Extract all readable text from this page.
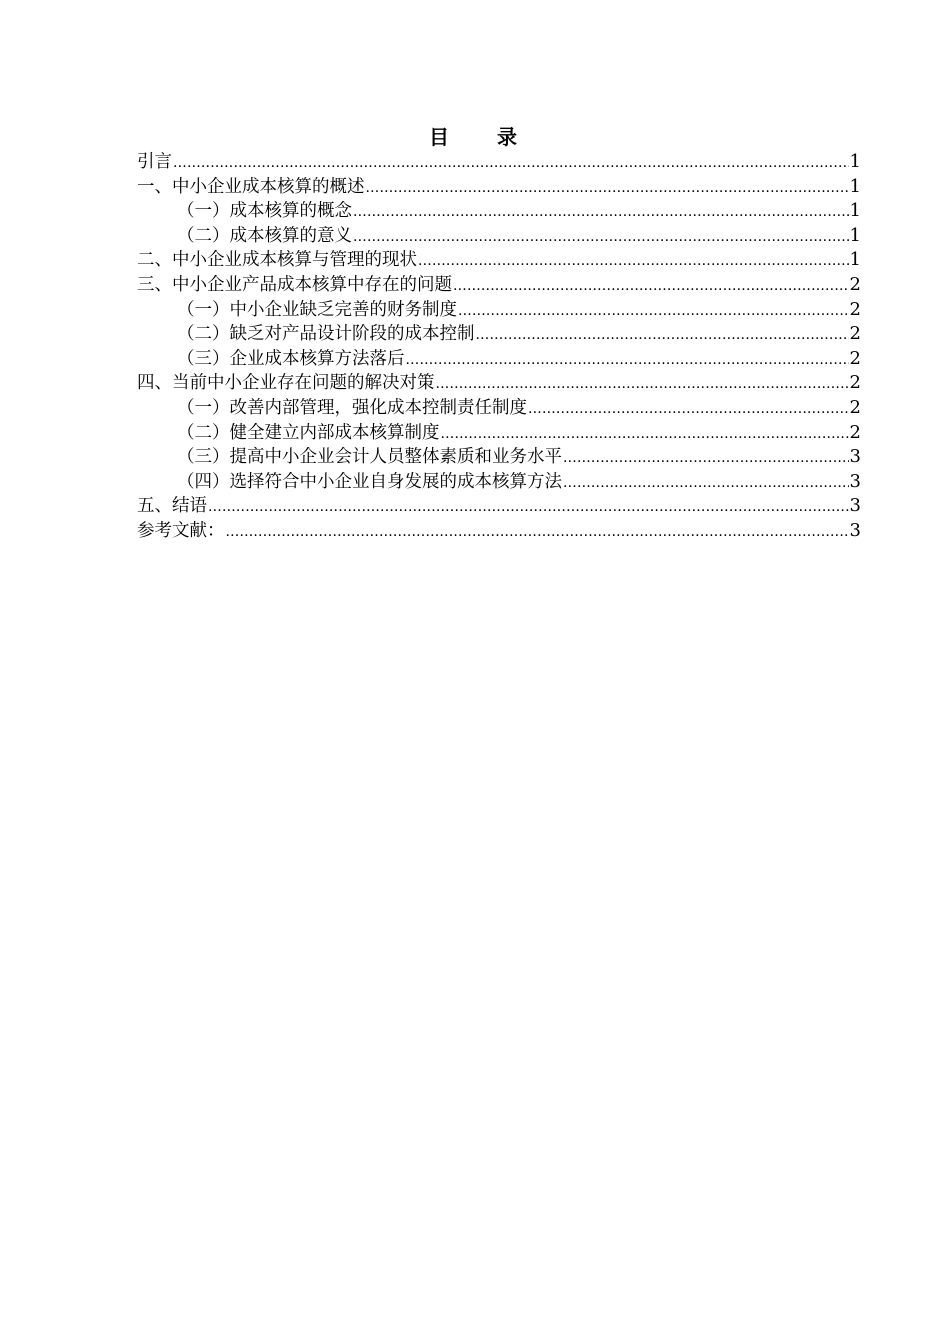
目　录
引言 .....	1
一、中小企业成本核算的概述 .....	1
（一）成本核算的概念 .....	1
（二）成本核算的意义 .....	1
二、中小企业成本核算与管理的现状 .....	1
三、中小企业产品成本核算中存在的问题 .....	2
（一）中小企业缺乏完善的财务制度 .....	2
（二）缺乏对产品设计阶段的成本控制 .....	2
（三）企业成本核算方法落后 .....	2
四、当前中小企业存在问题的解决对策 .....	2
（一）改善内部管理，强化成本控制责任制度 .....	2
（二）健全建立内部成本核算制度 .....	2
（三）提高中小企业会计人员整体素质和业务水平 .....	3
（四）选择符合中小企业自身发展的成本核算方法 .....	3
五、结语 .....	3
参考文献： .....	3
